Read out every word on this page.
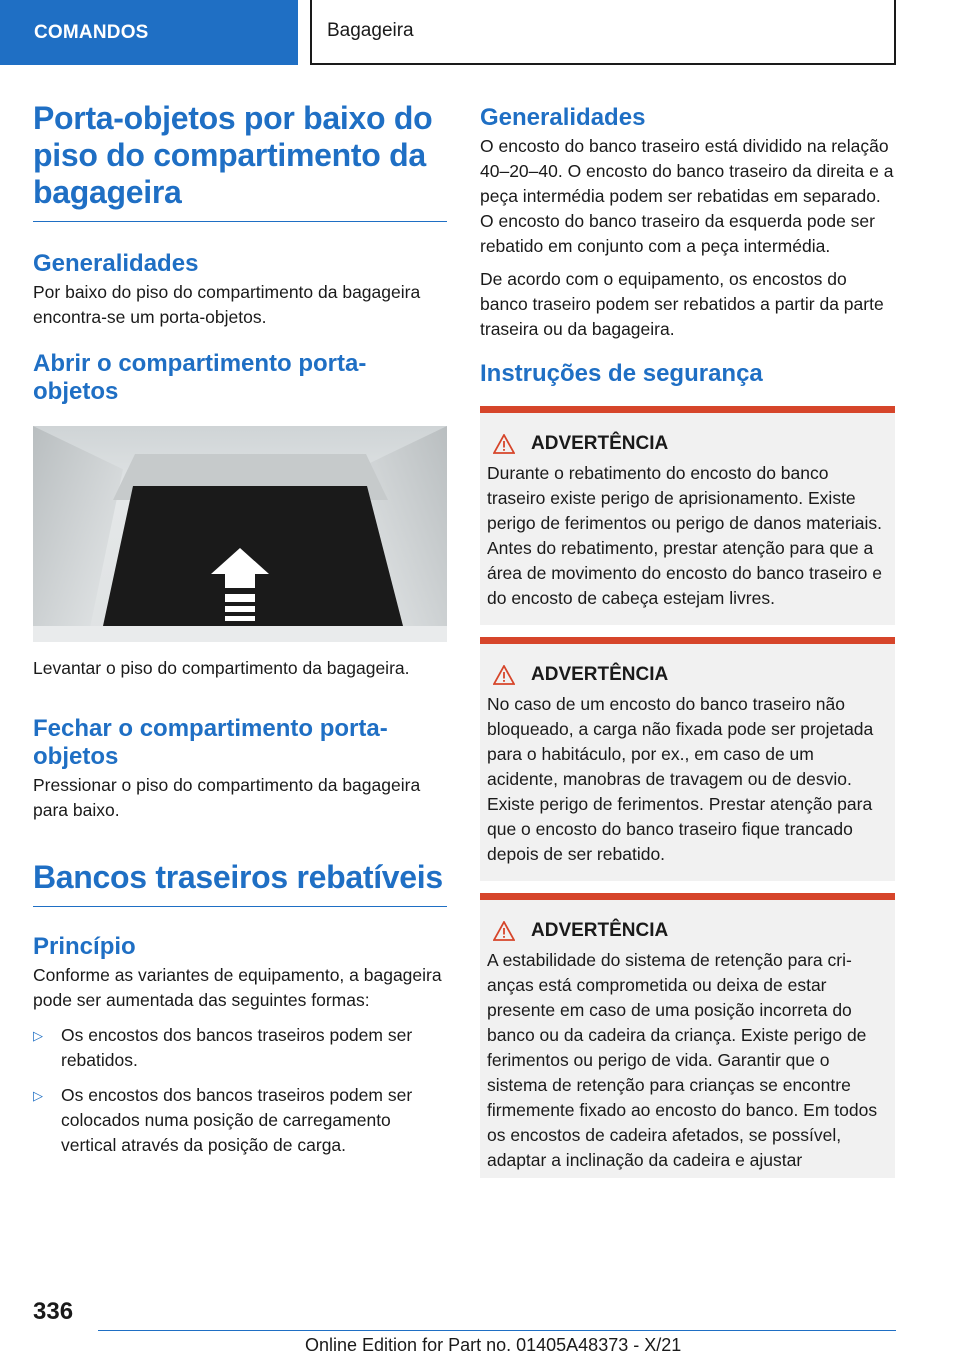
COMANDOS	Bagageira
Porta-objetos por baixo do piso do compartimento da bagageira
Generalidades

Por baixo do piso do compartimento da bagageira encontra-se um porta-objetos.

Abrir o compartimento porta-objetos

Levantar o piso do compartimento da bagageira.

Fechar o compartimento porta-objetos

Pressionar o piso do compartimento da bagageira para baixo.

Bancos traseiros rebatíveis
Princípio

Conforme as variantes de equipamento, a bagageira pode ser aumentada das seguintes formas:

▷	Os encostos dos bancos traseiros podem ser rebatidos.
▷	Os encostos dos bancos traseiros podem ser colocados numa posição de carregamento vertical através da posição de carga.
Generalidades

O encosto do banco traseiro está dividido na relação 40–20–40. O encosto do banco traseiro da direita e a peça intermédia podem ser rebatidas em separado. O encosto do banco traseiro da esquerda pode ser rebatido em conjunto com a peça intermédia.

De acordo com o equipamento, os encostos do banco traseiro podem ser rebatidos a partir da parte traseira ou da bagageira.

Instruções de segurança
ADVERTÊNCIA

Durante o rebatimento do encosto do banco traseiro existe perigo de aprisionamento. Existe perigo de ferimentos ou perigo de danos materiais. Antes do rebatimento, prestar atenção para que a área de movimento do encosto do banco traseiro e do encosto de cabeça estejam livres.

ADVERTÊNCIA

No caso de um encosto do banco traseiro não bloqueado, a carga não fixada pode ser projetada para o habitáculo, por ex., em caso de um acidente, manobras de travagem ou de desvio. Existe perigo de ferimentos. Prestar atenção para que o encosto do banco traseiro fique trancado depois de ser rebatido.

ADVERTÊNCIA

A estabilidade do sistema de retenção para crianças está comprometida ou deixa de estar presente em caso de uma posição incorreta do banco ou da cadeira da criança. Existe perigo de ferimentos ou perigo de vida. Garantir que o sistema de retenção para crianças se encontre firmemente fixado ao encosto do banco. Em todos os encostos de cadeira afetados, se possível, adaptar a inclinação da cadeira e ajustar

336
Online Edition for Part no. 01405A48373 - X/21
